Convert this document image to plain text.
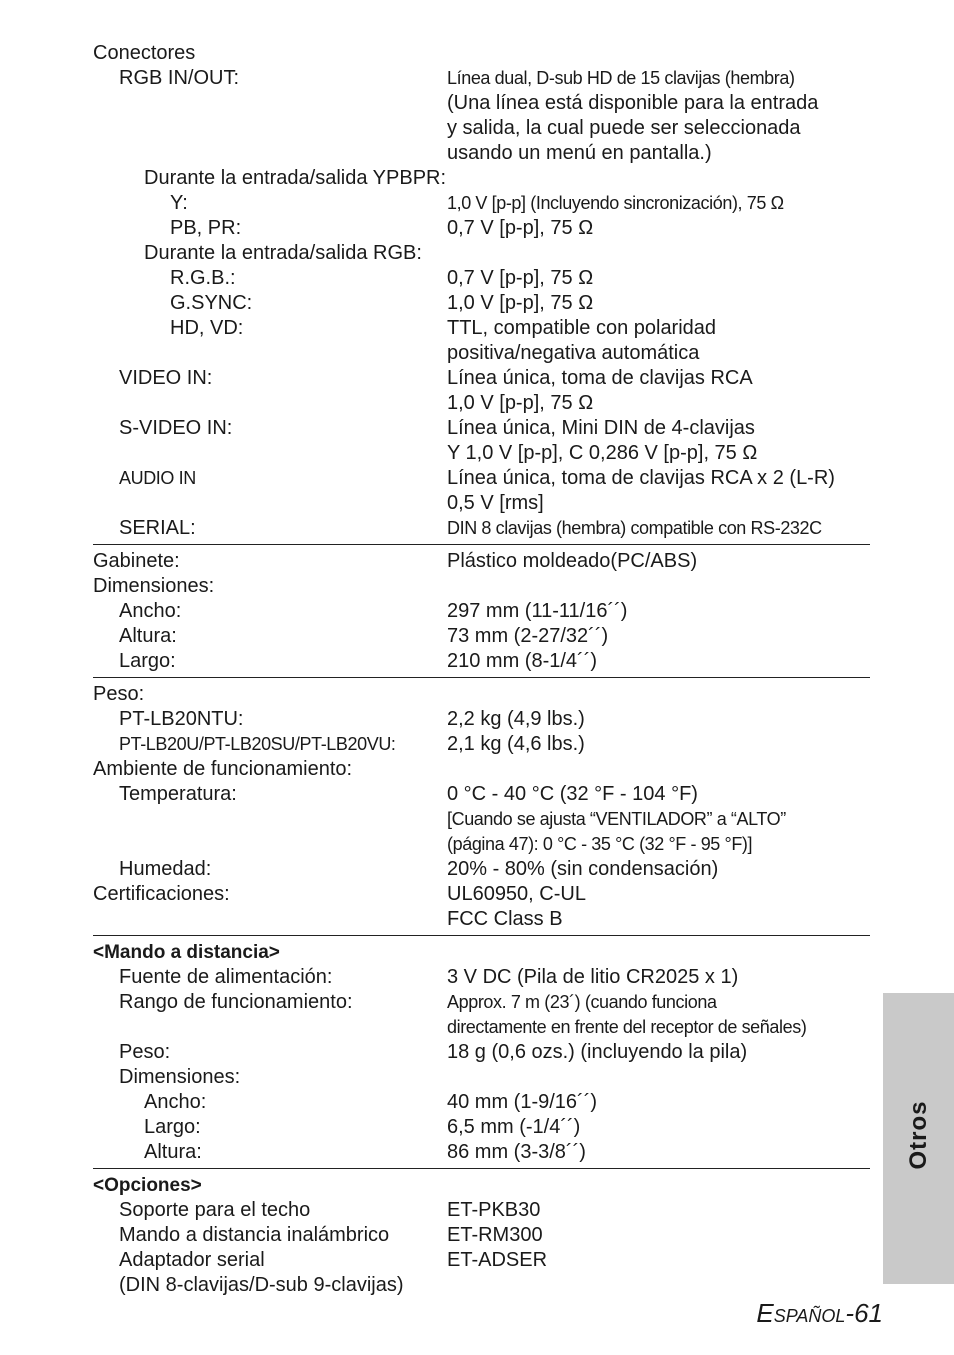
Conectores
RGB IN/OUT:	Línea dual, D-sub HD de 15 clavijas (hembra)
(Una línea está disponible para la entrada
y salida, la cual puede ser seleccionada
usando un menú en pantalla.)
Durante la entrada/salida YPBPR:
Y:	1,0 V [p-p] (Incluyendo sincronización), 75 Ω
PB, PR:	0,7 V [p-p], 75 Ω
Durante la entrada/salida RGB:
R.G.B.:	0,7 V [p-p], 75 Ω
G.SYNC:	1,0 V [p-p], 75 Ω
HD, VD:	TTL, compatible con polaridad
positiva/negativa automática
VIDEO IN:	Línea única, toma de clavijas RCA
1,0 V [p-p], 75 Ω
S-VIDEO IN:	Línea única, Mini DIN de 4-clavijas
Y 1,0 V [p-p], C 0,286 V [p-p], 75 Ω
AUDIO IN	Línea única, toma de clavijas RCA x 2 (L-R)
0,5 V [rms]
SERIAL:	DIN 8 clavijas (hembra) compatible con RS-232C
Gabinete:	Plástico moldeado(PC/ABS)
Dimensiones:
Ancho:	297 mm (11-11/16´´)
Altura:	73 mm (2-27/32´´)
Largo:	210 mm (8-1/4´´)
Peso:
PT-LB20NTU:	2,2 kg (4,9 lbs.)
PT-LB20U/PT-LB20SU/PT-LB20VU:	2,1 kg (4,6 lbs.)
Ambiente de funcionamiento:
Temperatura:	0 °C - 40 °C (32 °F - 104 °F)
[Cuando se ajusta “VENTILADOR” a “ALTO”
(página 47): 0 °C - 35 °C (32 °F - 95 °F)]
Humedad:	20% - 80% (sin condensación)
Certificaciones:	UL60950, C-UL
FCC Class B
<Mando a distancia>
Fuente de alimentación:	3 V DC (Pila de litio CR2025 x 1)
Rango de funcionamiento:	Approx. 7 m (23´) (cuando funciona
directamente en frente del receptor de señales)
Peso:	18 g (0,6 ozs.) (incluyendo la pila)
Dimensiones:
Ancho:	40 mm (1-9/16´´)
Largo:	6,5 mm (-1/4´´)
Altura:	86 mm (3-3/8´´)
<Opciones>
Soporte para el techo	ET-PKB30
Mando a distancia inalámbrico	ET-RM300
Adaptador serial	ET-ADSER
(DIN 8-clavijas/D-sub 9-clavijas)
Otros
ESPAÑOL-61
